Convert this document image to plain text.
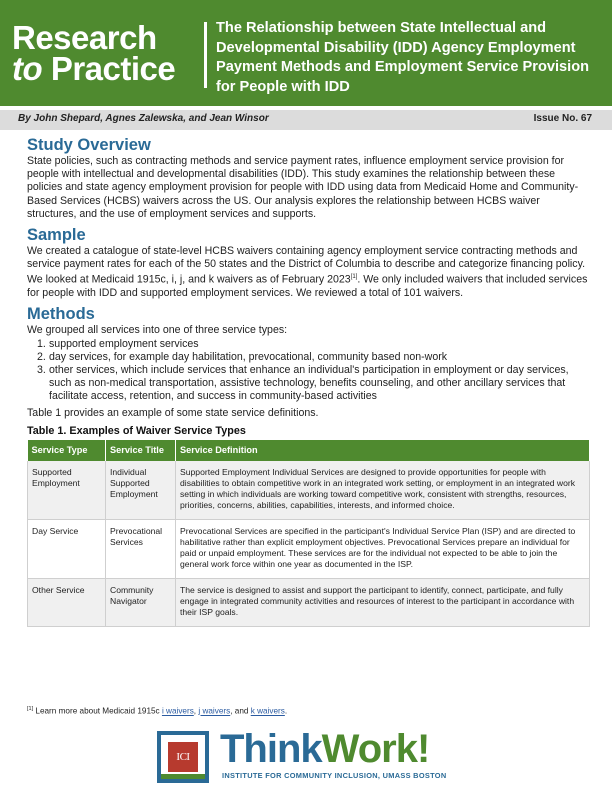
Research
to Practice
The Relationship between State Intellectual and Developmental Disability (IDD) Agency Employment Payment Methods and Employment Service Provision for People with IDD
By John Shepard, Agnes Zalewska, and Jean Winsor	Issue No. 67
Study Overview

State policies, such as contracting methods and service payment rates, influence employment service provision for people with intellectual and developmental disabilities (IDD). This study examines the relationship between these policies and state agency employment provision for people with IDD using data from Medicaid Home and Community-Based Services (HCBS) waivers across the US. Our analysis explores the relationship between HCBS waiver structures, and the use of employment services and supports.

Sample

We created a catalogue of state-level HCBS waivers containing agency employment service contracting methods and service payment rates for each of the 50 states and the District of Columbia to describe and categorize financing policy. We looked at Medicaid 1915c, i, j, and k waivers as of February 2023[1]. We only included waivers that included services for people with IDD and supported employment services. We reviewed a total of 101 waivers.

Methods

We grouped all services into one of three service types:

1. supported employment services
2. day services, for example day habilitation, prevocational, community based non-work
3. other services, which include services that enhance an individual's participation in employment or day services, such as non-medical transportation, assistive technology, benefits counseling, and other ancillary services that facilitate access, retention, and success in community-based activities

Table 1 provides an example of some state service definitions.

Table 1. Examples of Waiver Service Types
Service Type	Service Title	Service Definition
Supported Employment	Individual Supported Employment	Supported Employment Individual Services are designed to provide opportunities for people with disabilities to obtain competitive work in an integrated work setting, or employment in an integrated work setting in which individuals are working toward competitive work, consistent with strengths, resources, priorities, concerns, abilities, capabilities, interests, and informed choice.
Day Service	Prevocational Services	Prevocational Services are specified in the participant's Individual Service Plan (ISP) and are directed to habilitative rather than explicit employment objectives. Prevocational Services prepare an individual for paid or unpaid employment. These services are for the individual not expected to be able to join the general work force within one year as documented in the ISP.
Other Service	Community Navigator	The service is designed to assist and support the participant to identify, connect, participate, and fully engage in integrated community activities and resources of interest to the participant in accordance with their ISP goals.
[1] Learn more about Medicaid 1915c i waivers, j waivers, and k waivers.
ICI ThinkWork!
INSTITUTE FOR COMMUNITY INCLUSION, UMASS BOSTON
